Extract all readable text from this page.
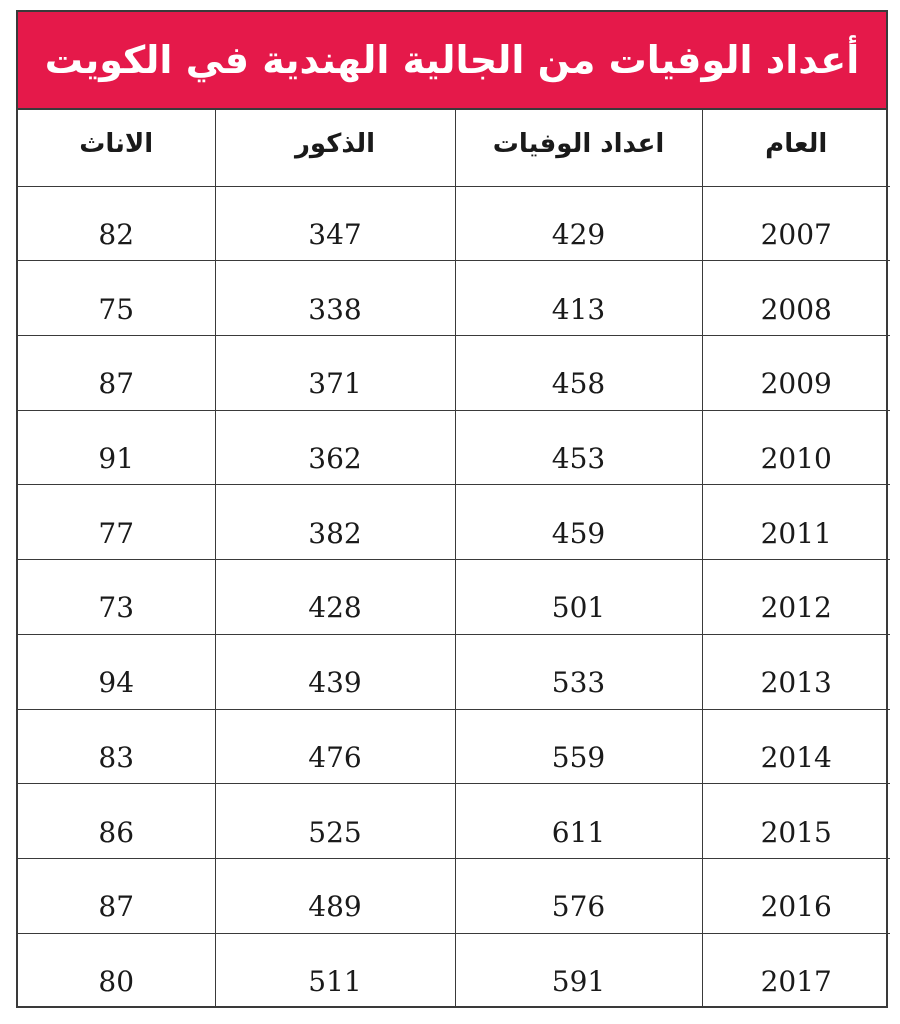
أعداد الوفيات من الجالية الهندية في الكويت
العام	اعداد الوفيات	الذكور	الاناث
2007	429	347	82
2008	413	338	75
2009	458	371	87
2010	453	362	91
2011	459	382	77
2012	501	428	73
2013	533	439	94
2014	559	476	83
2015	611	525	86
2016	576	489	87
2017	591	511	80
